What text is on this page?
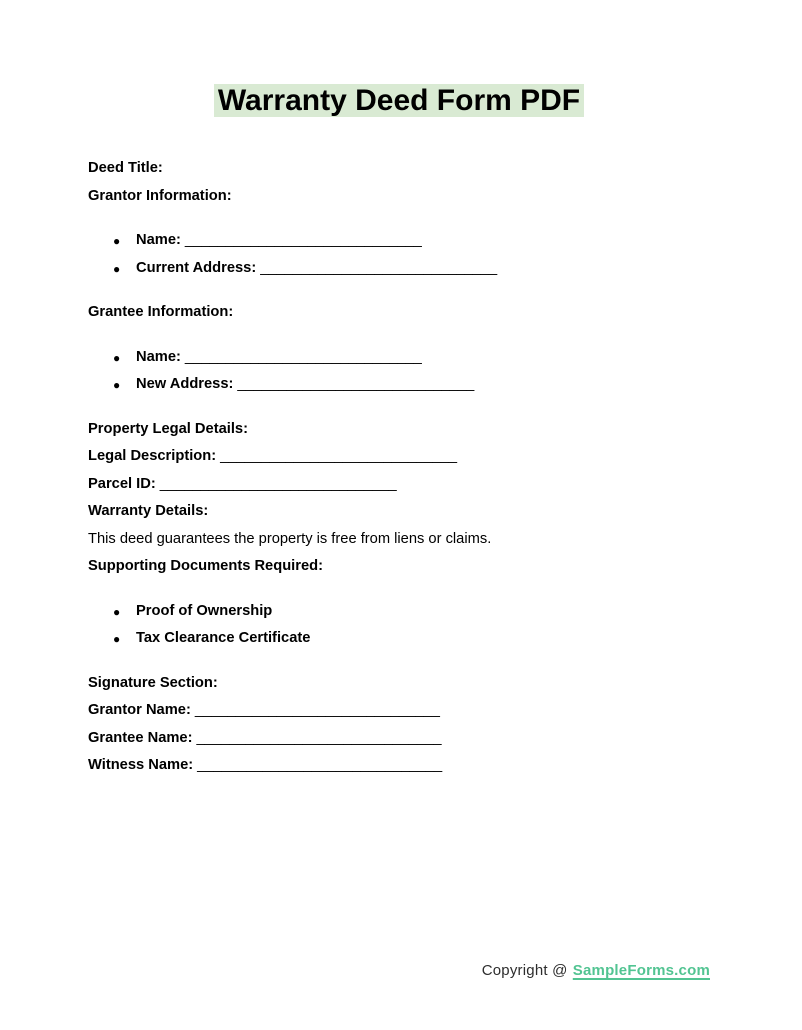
Warranty Deed Form PDF

Deed Title:

Grantor Information:

● Name: _____________________________
● Current Address: _____________________________

Grantee Information:

● Name: _____________________________
● New Address: _____________________________

Property Legal Details:

Legal Description: _____________________________

Parcel ID: _____________________________

Warranty Details:

This deed guarantees the property is free from liens or claims.

Supporting Documents Required:

● Proof of Ownership
● Tax Clearance Certificate

Signature Section:

Grantor Name: ______________________________

Grantee Name: ______________________________

Witness Name: ______________________________

Copyright @ SampleForms.com
